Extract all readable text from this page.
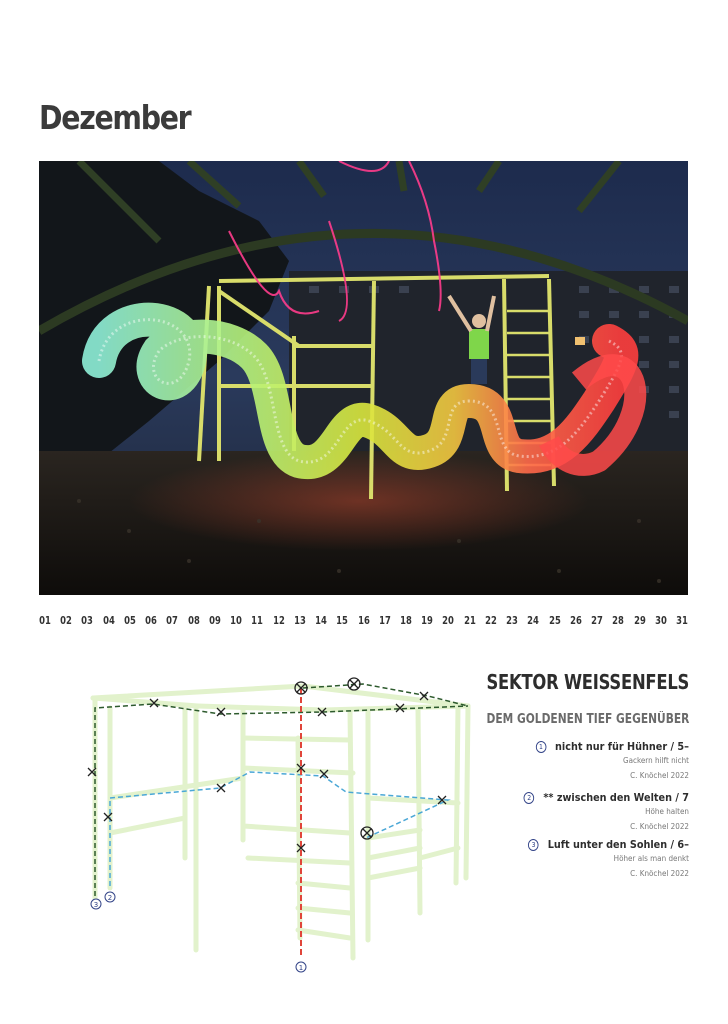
Dezember
01 02 03 04 05 06 07 08 09 10 11 12 13 14 15 16 17 18 19 20 21 22 23 24 25 26 27 28 29 30 31
3
2
1
SEKTOR WEISSENFELS
DEM GOLDENEN TIEF GEGENÜBER
1 nicht nur für Hühner / 5–
Gackern hilft nicht
C. Knöchel 2022
2 ** zwischen den Welten / 7
Höhe halten
C. Knöchel 2022
3 Luft unter den Sohlen / 6–
Höher als man denkt
C. Knöchel 2022
